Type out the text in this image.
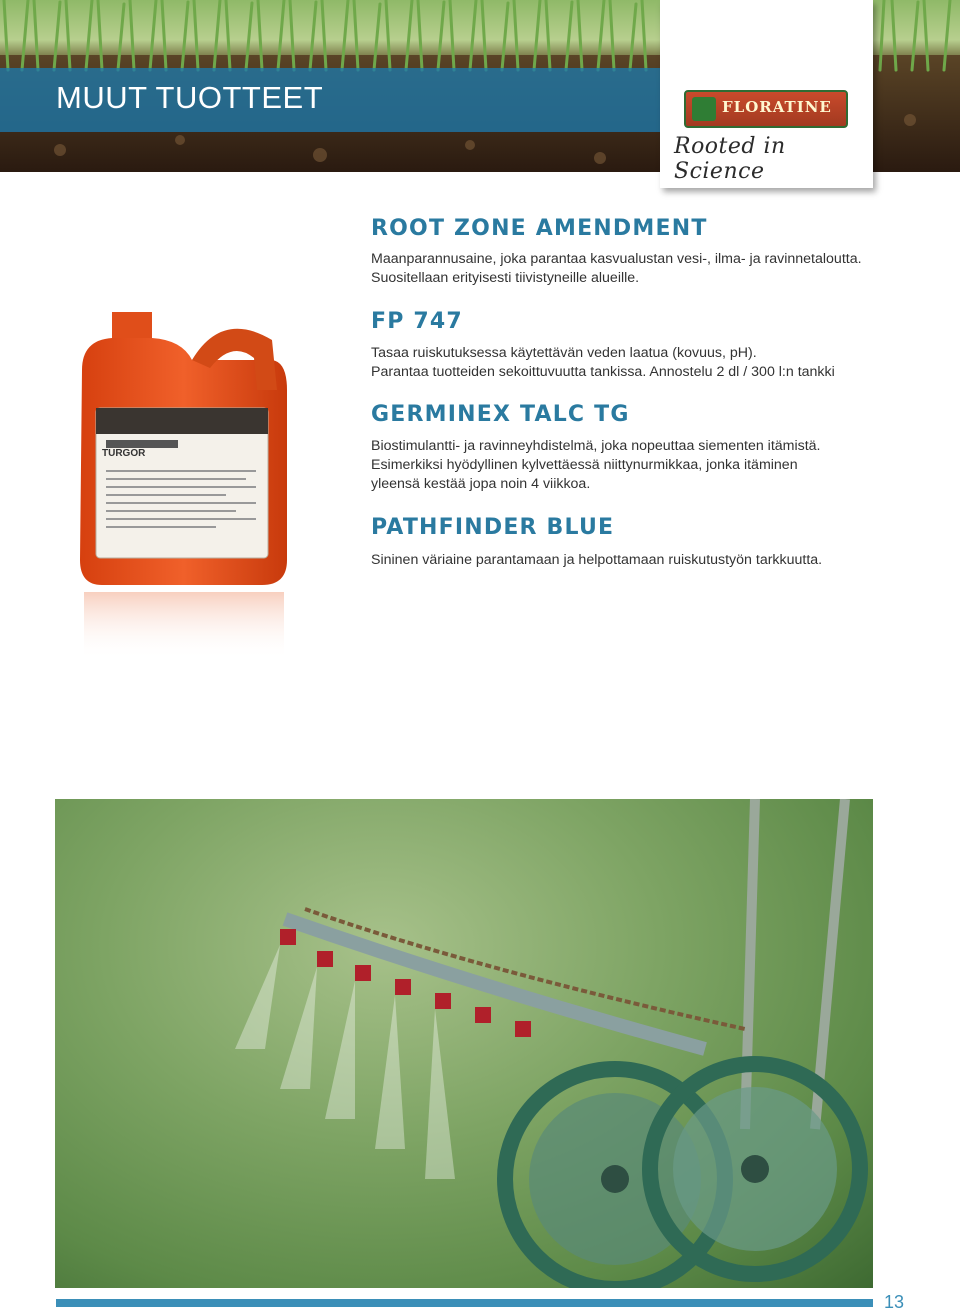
MUUT TUOTTEET	FLORATINE
Rooted in Science
ROOT ZONE AMENDMENT
Maanparannusaine, joka parantaa kasvualustan vesi-, ilma- ja ravinnetaloutta.
Suositellaan erityisesti tiivistyneille alueille.
FP 747
Tasaa ruiskutuksessa käytettävän veden laatua (kovuus, pH).
Parantaa tuotteiden sekoittuvuutta tankissa. Annostelu 2 dl / 300 l:n tankki
GERMINEX TALC TG
Biostimulantti- ja ravinneyhdistelmä, joka nopeuttaa siementen itämistä.
Esimerkiksi hyödyllinen kylvettäessä niittynurmikkaa, jonka itäminen
yleensä kestää jopa noin 4 viikkoa.
PATHFINDER BLUE
Sininen väriaine parantamaan ja helpottamaan ruiskutustyön tarkkuutta.
TURGOR
13
